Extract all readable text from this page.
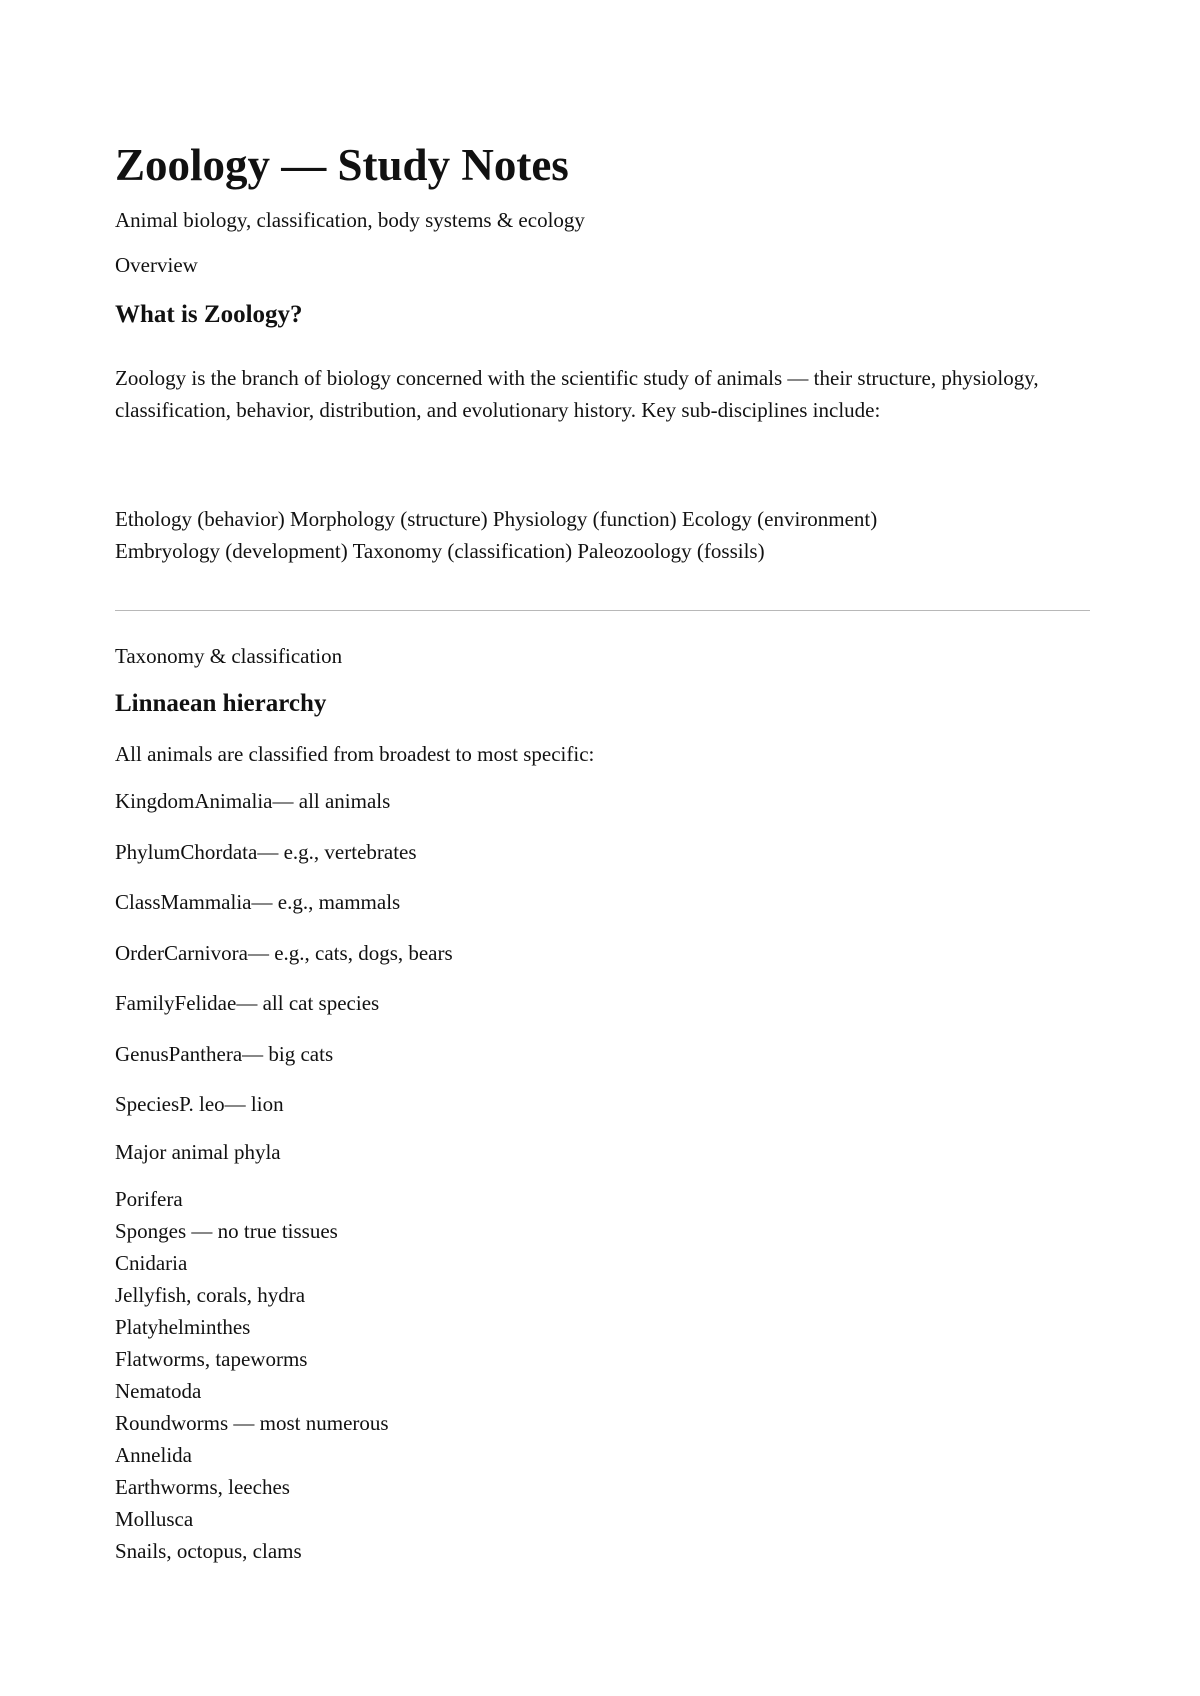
Zoology — Study Notes

Animal biology, classification, body systems & ecology

Overview

What is Zoology?

Zoology is the branch of biology concerned with the scientific study of animals — their structure, physiology, classification, behavior, distribution, and evolutionary history. Key sub-disciplines include:

Ethology (behavior) Morphology (structure) Physiology (function) Ecology (environment)
Embryology (development) Taxonomy (classification) Paleozoology (fossils)

Taxonomy & classification

Linnaean hierarchy

All animals are classified from broadest to most specific:

KingdomAnimalia— all animals
PhylumChordata— e.g., vertebrates
ClassMammalia— e.g., mammals
OrderCarnivora— e.g., cats, dogs, bears
FamilyFelidae— all cat species
GenusPanthera— big cats
SpeciesP. leo— lion

Major animal phyla

Porifera
Sponges — no true tissues
Cnidaria
Jellyfish, corals, hydra
Platyhelminthes
Flatworms, tapeworms
Nematoda
Roundworms — most numerous
Annelida
Earthworms, leeches
Mollusca
Snails, octopus, clams
